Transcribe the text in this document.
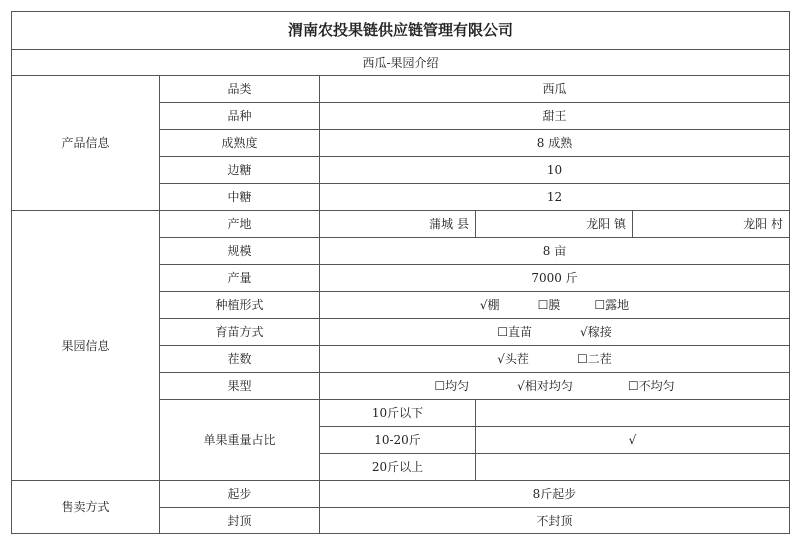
渭南农投果链供应链管理有限公司				
西瓜-果园介绍				
产品信息	品类	西瓜		
	品种	甜王		
	成熟度	8 成熟		
	边糖	10		
	中糖	12		
果园信息	产地	蒲城 县	龙阳 镇	龙阳 村
	规模	8 亩		
	产量	7000 斤		
	种植形式	√棚 ☐膜 ☐露地		
	育苗方式	☐直苗 √稼接		
	茬数	√头茬 ☐二茬		
	果型	☐均匀 √相对均匀 ☐不均匀		
	单果重量占比	10斤以下		
		10-20斤	√	
		20斤以上		
售卖方式	起步	8斤起步		
	封顶	不封顶		
